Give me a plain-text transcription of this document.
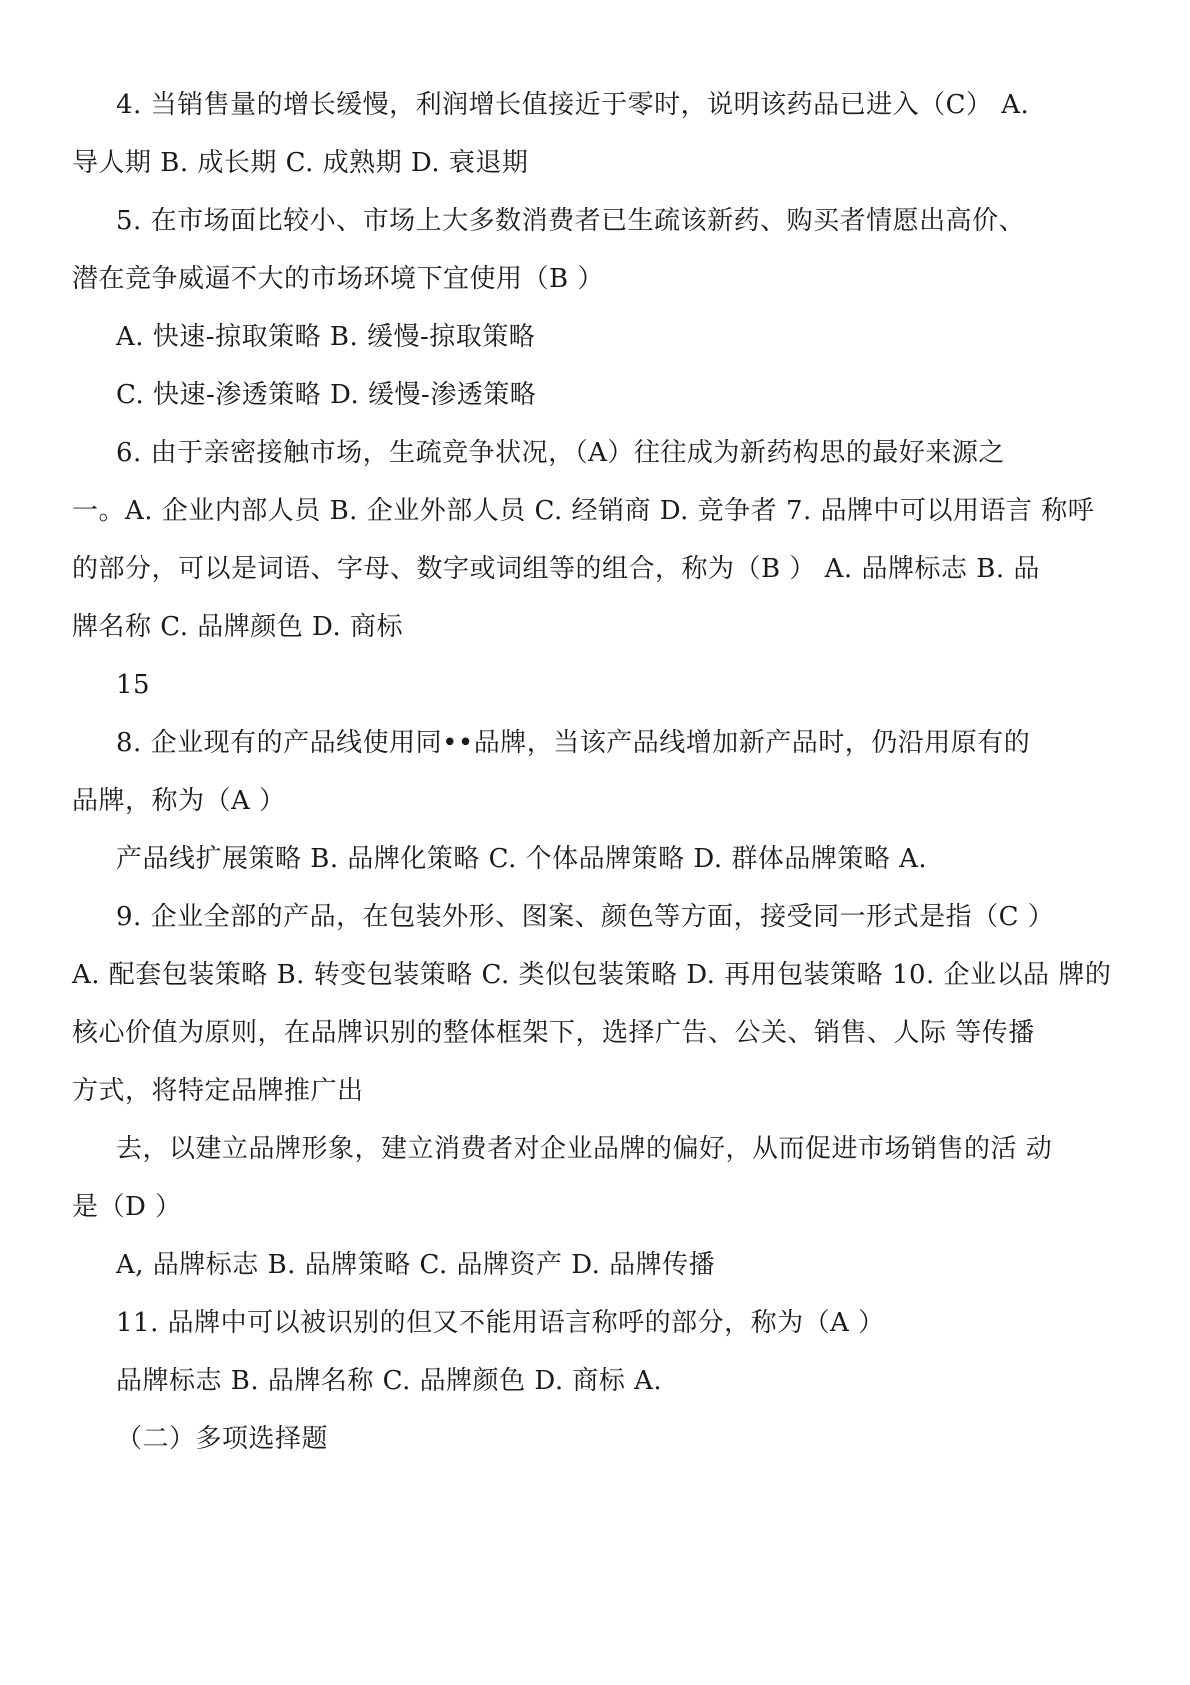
4. 当销售量的增长缓慢，利润增长值接近于零时，说明该药品已进入（C） A.
导人期 B. 成长期 C. 成熟期 D. 衰退期
5. 在市场面比较小、市场上大多数消费者已生疏该新药、购买者情愿出高价、
潜在竞争威逼不大的市场环境下宜使用（B ）
A. 快速-掠取策略 B. 缓慢-掠取策略
C. 快速-渗透策略 D. 缓慢-渗透策略
6. 由于亲密接触市场，生疏竞争状况，（A）往往成为新药构思的最好来源之
一。A. 企业内部人员 B. 企业外部人员 C. 经销商 D. 竞争者 7. 品牌中可以用语言 称呼
的部分，可以是词语、字母、数字或词组等的组合，称为（B ） A. 品牌标志 B. 品
牌名称 C. 品牌颜色 D. 商标
15
8. 企业现有的产品线使用同••品牌，当该产品线增加新产品时，仍沿用原有的
品牌，称为（A ）
产品线扩展策略 B. 品牌化策略 C. 个体品牌策略 D. 群体品牌策略 A.
9. 企业全部的产品，在包装外形、图案、颜色等方面，接受同一形式是指（C ）
A. 配套包装策略 B. 转变包装策略 C. 类似包装策略 D. 再用包装策略 10. 企业以品 牌的
核心价值为原则，在品牌识别的整体框架下，选择广告、公关、销售、人际 等传播
方式，将特定品牌推广出
去，以建立品牌形象，建立消费者对企业品牌的偏好，从而促进市场销售的活 动
是（D ）
A, 品牌标志 B. 品牌策略 C. 品牌资产 D. 品牌传播
11. 品牌中可以被识别的但又不能用语言称呼的部分，称为（A ）
品牌标志 B. 品牌名称 C. 品牌颜色 D. 商标 A.
（二）多项选择题
